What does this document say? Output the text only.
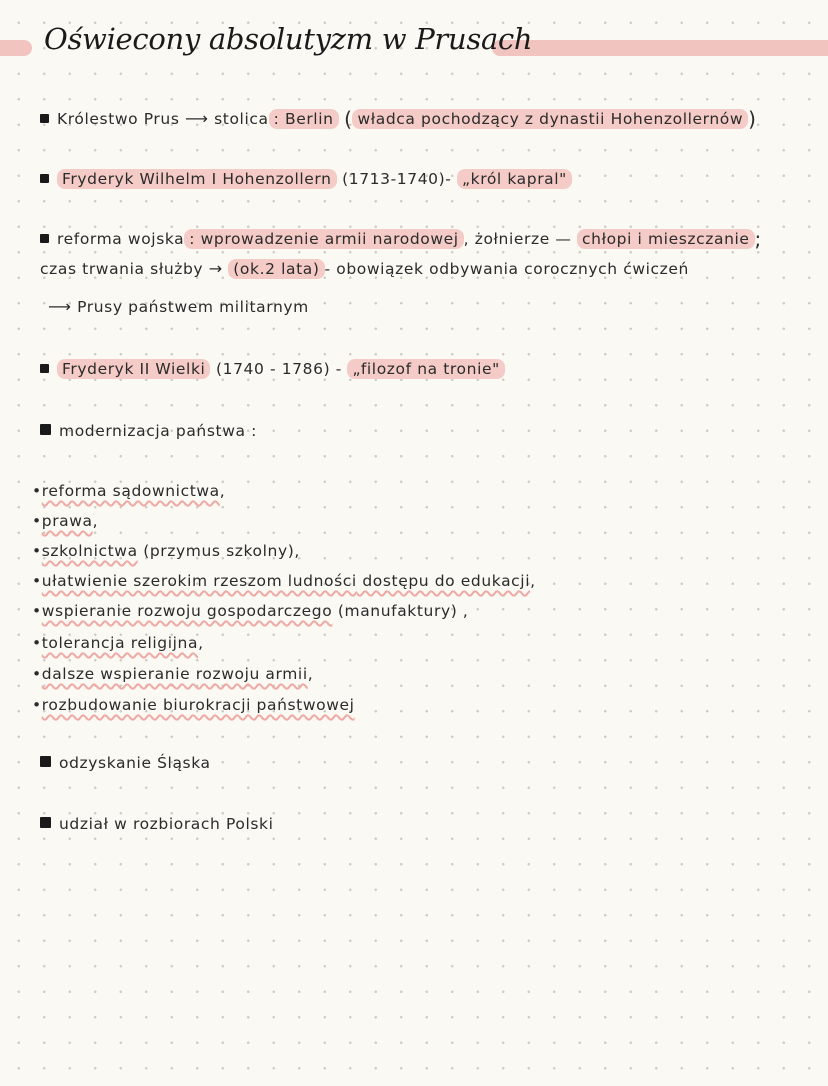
Oświecony absolutyzm w Prusach
Królestwo Prus ⟶ stolica : Berlin ( władca pochodzący z dynastii Hohenzollernów )
Fryderyk Wilhelm I Hohenzollern (1713-1740)- „król kapral"
reforma wojska : wprowadzenie armii narodowej , żołnierze — chłopi i mieszczanie ;
czas trwania służby → (ok.2 lata) - obowiązek odbywania corocznych ćwiczeń
⟶ Prusy państwem militarnym
Fryderyk II Wielki (1740 - 1786) - „filozof na tronie"
modernizacja państwa :
•reforma sądownictwa,
•prawa,
•szkolnictwa (przymus szkolny),
•ułatwienie szerokim rzeszom ludności dostępu do edukacji,
•wspieranie rozwoju gospodarczego (manufaktury) ,
•tolerancja religijna,
•dalsze wspieranie rozwoju armii,
•rozbudowanie biurokracji państwowej
odzyskanie Śląska
udział w rozbiorach Polski
